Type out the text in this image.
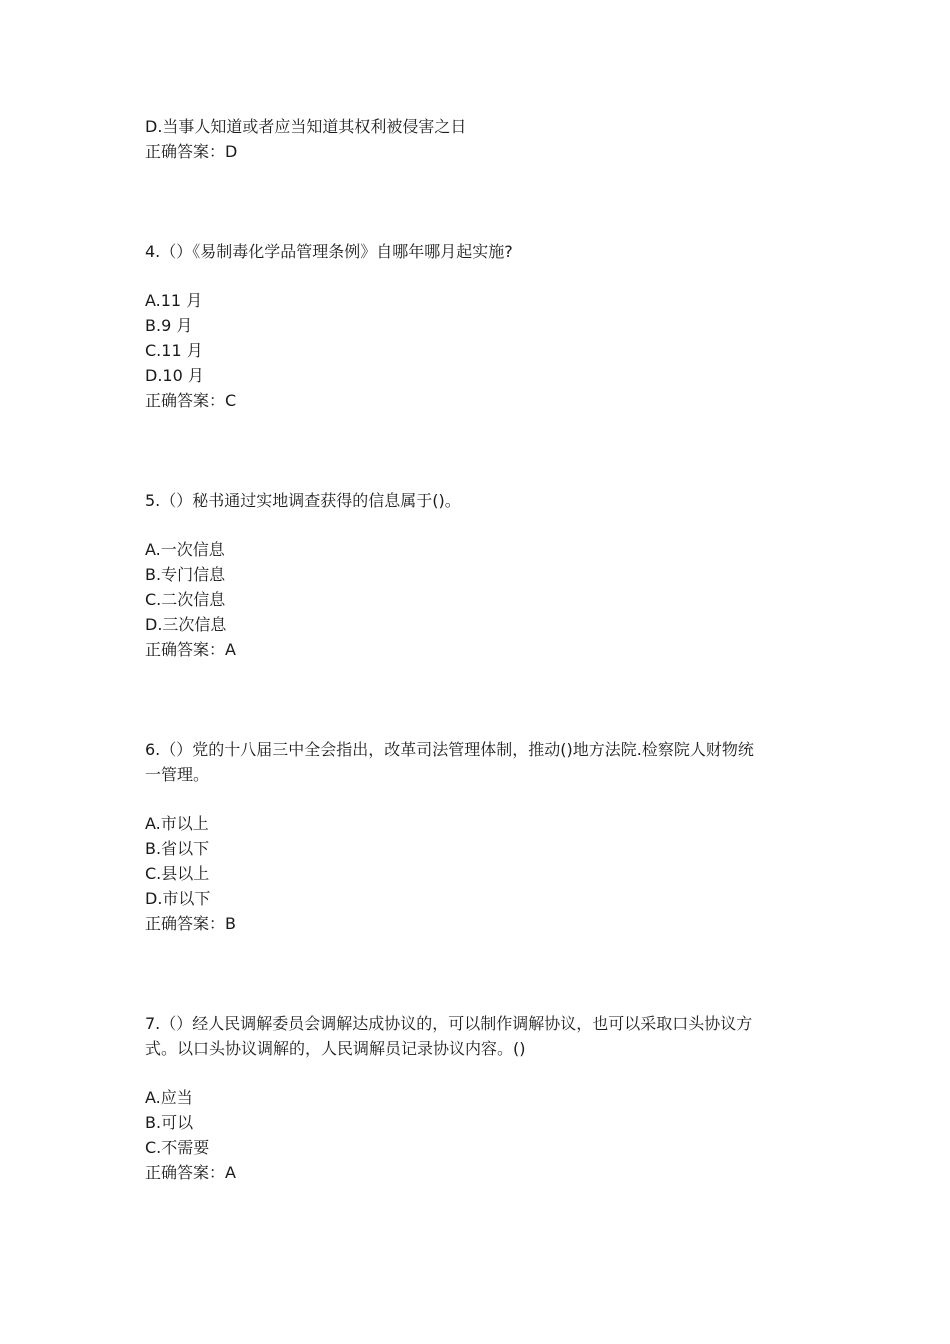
D.当事人知道或者应当知道其权利被侵害之日
正确答案：D
4.（）《易制毒化学品管理条例》自哪年哪月起实施?
A.11 月
B.9 月
C.11 月
D.10 月
正确答案：C
5.（）秘书通过实地调查获得的信息属于()。
A.一次信息
B.专门信息
C.二次信息
D.三次信息
正确答案：A
6.（）党的十八届三中全会指出，改革司法管理体制，推动()地方法院.检察院人财物统
一管理。
A.市以上
B.省以下
C.县以上
D.市以下
正确答案：B
7.（）经人民调解委员会调解达成协议的，可以制作调解协议，也可以采取口头协议方
式。以口头协议调解的，人民调解员记录协议内容。()
A.应当
B.可以
C.不需要
正确答案：A
